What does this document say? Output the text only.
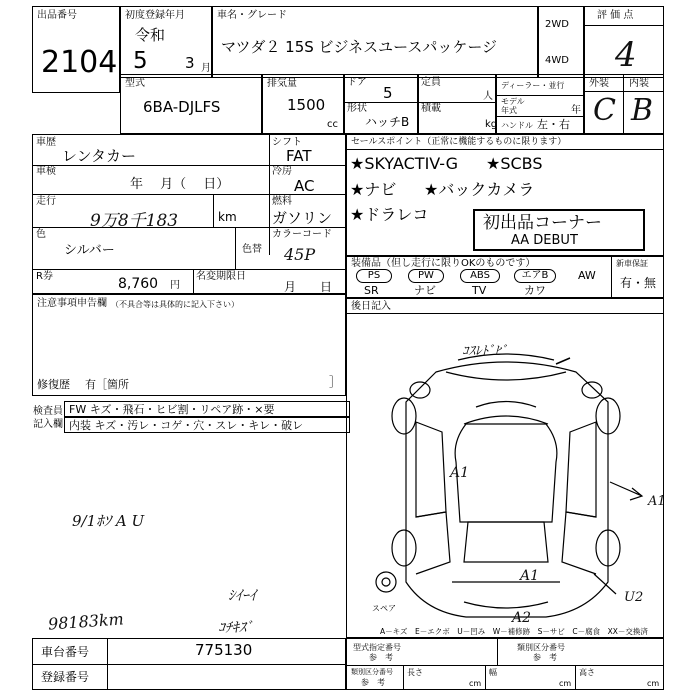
出品番号
2104
初度登録年月
令和
5 3 月
車名・グレード
マツダ２ 15S ビジネスユースパッケージ
2WD
4WD
評 価 点
4
型式
6BA-DJLFS
排気量
1500
cc
ドア
5
形状
ハッチB
定員
人
積載
kg
ディーラー・並行
モデル年式	年
ハンドル 左・右
外装 内装
C B
車歴
レンタカー
シフト
FAT
車検
年　 月（　 日）
冷房
AC
走行
9万8千183	km
燃料
ガソリン
色
シルバー	色替
カラーコード
45P
R券	8,760 円
名変期限日
月　　日
セールスポイント（正常に機能するものに限ります）
★SKYACTIV-G ★SCBS
★ナビ ★バックカメラ
★ドラレコ	初出品コーナー
AA DEBUT
装備品（但し走行に限りOKのものです）
PS	PW	ABS	エアB	AW
SR	ナビ	TV	カワ
新車保証
有・無
注意事項申告欄 （不具合等は具体的に記入下さい）
修復歴 有［箇所	］
後日記入
ｺｽﾚﾄﾞﾋﾞ
A1
A1
A1
A2
U2
スペア
A－キズ　E－エクボ　U－凹み　W－補修跡　S－サビ　C－腐食　XX－交換済
検査員
記入欄
FW キズ・飛石・ヒビ割・リペア跡・×要
内装 キズ・汚レ・コゲ・穴・スレ・キレ・破レ
9/1ﾎｿ A U
98183km
ｼｲｰｲ
ｺﾁｷｽﾞ
車台番号	775130
登録番号
型式指定番号
参　考
類別区分番号
参　考
類別区分番号
参　考
長さ
cm
幅
cm
高さ
cm
